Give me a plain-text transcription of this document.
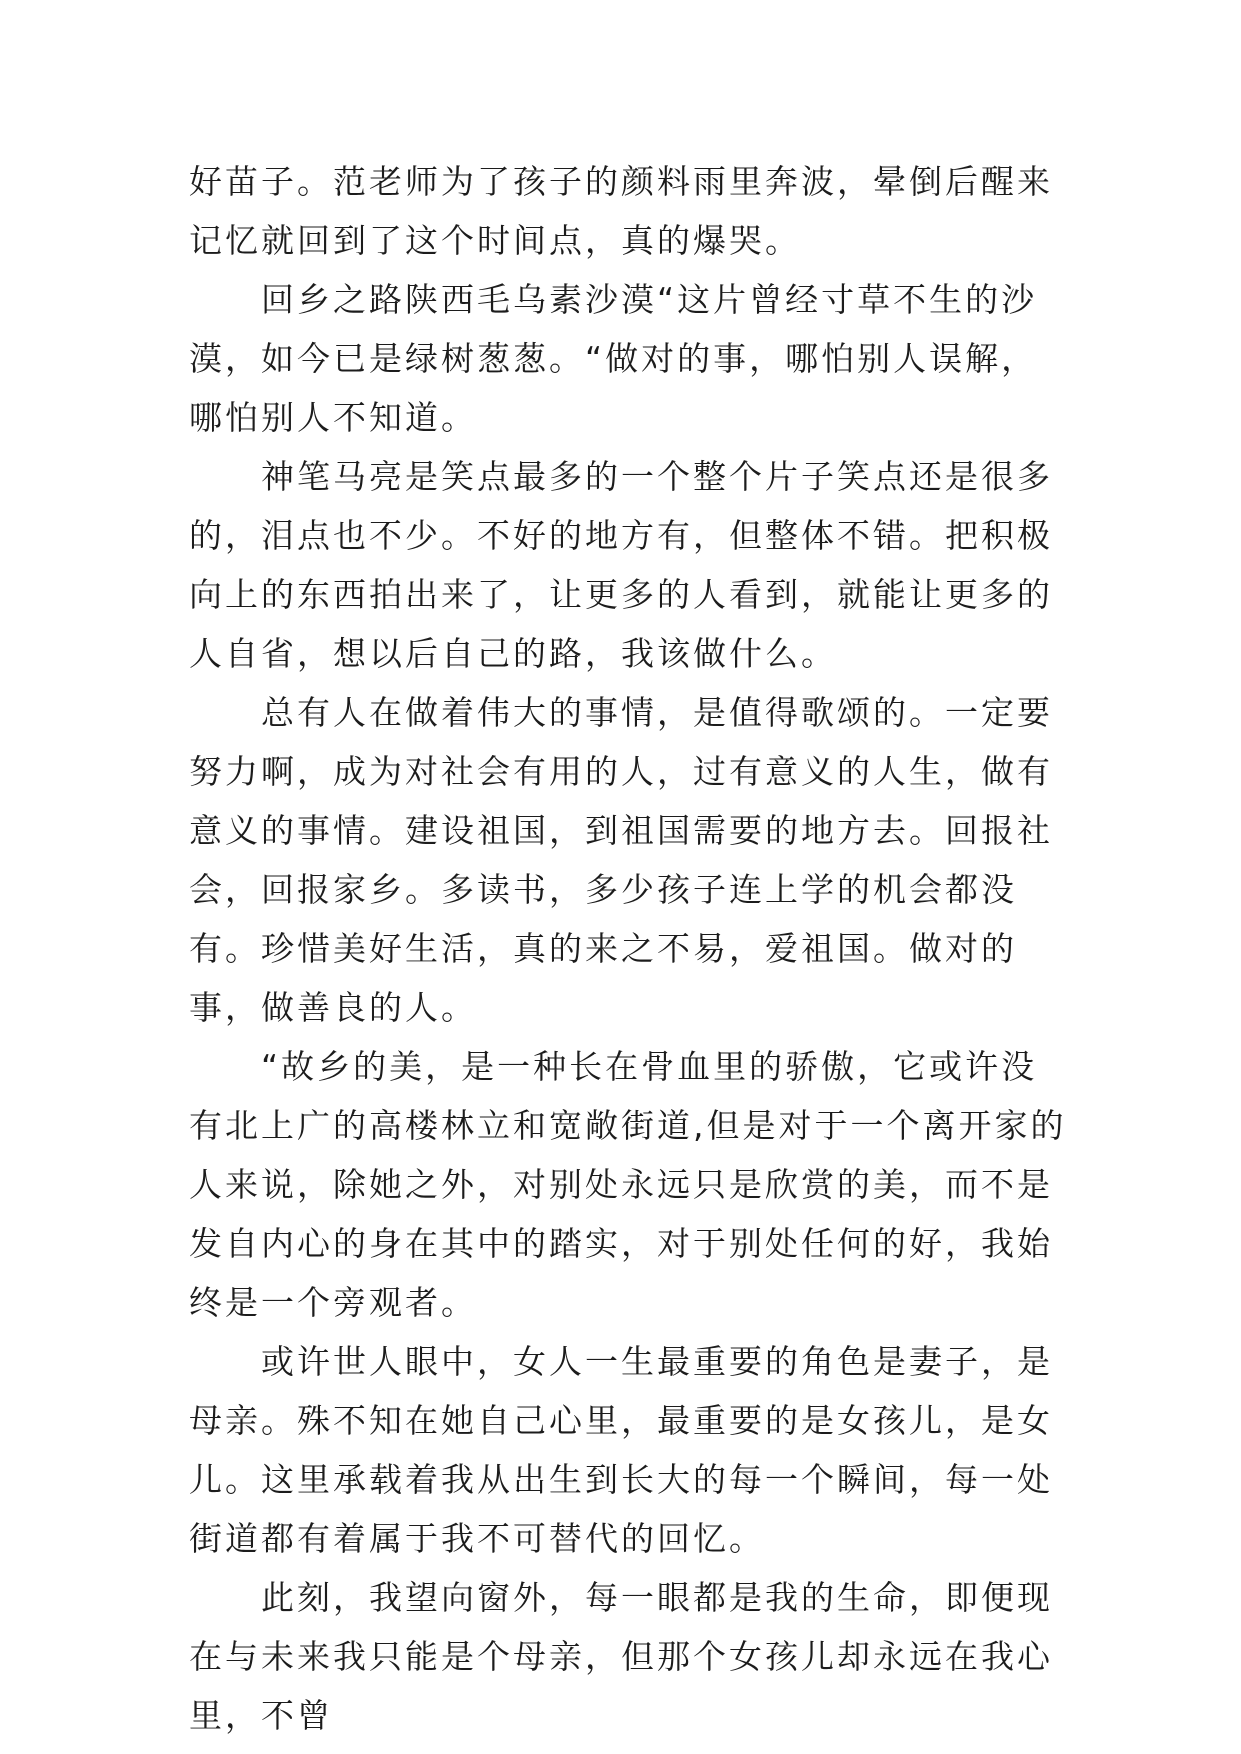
好苗子。范老师为了孩子的颜料雨里奔波，晕倒后醒来记忆就回到了这个时间点，真的爆哭。

回乡之路陕西毛乌素沙漠“这片曾经寸草不生的沙漠，如今已是绿树葱葱。“做对的事，哪怕别人误解，哪怕别人不知道。

神笔马亮是笑点最多的一个整个片子笑点还是很多的，泪点也不少。不好的地方有，但整体不错。把积极向上的东西拍出来了，让更多的人看到，就能让更多的人自省，想以后自己的路，我该做什么。

总有人在做着伟大的事情，是值得歌颂的。一定要努力啊，成为对社会有用的人，过有意义的人生，做有意义的事情。建设祖国，到祖国需要的地方去。回报社会，回报家乡。多读书，多少孩子连上学的机会都没有。珍惜美好生活，真的来之不易，爱祖国。做对的事，做善良的人。

“故乡的美，是一种长在骨血里的骄傲，它或许没有北上广的高楼林立和宽敞街道,但是对于一个离开家的人来说，除她之外，对别处永远只是欣赏的美，而不是发自内心的身在其中的踏实，对于别处任何的好，我始终是一个旁观者。

或许世人眼中，女人一生最重要的角色是妻子，是母亲。殊不知在她自己心里，最重要的是女孩儿，是女儿。这里承载着我从出生到长大的每一个瞬间，每一处街道都有着属于我不可替代的回忆。

此刻，我望向窗外，每一眼都是我的生命，即便现在与未来我只能是个母亲，但那个女孩儿却永远在我心里，不曾
